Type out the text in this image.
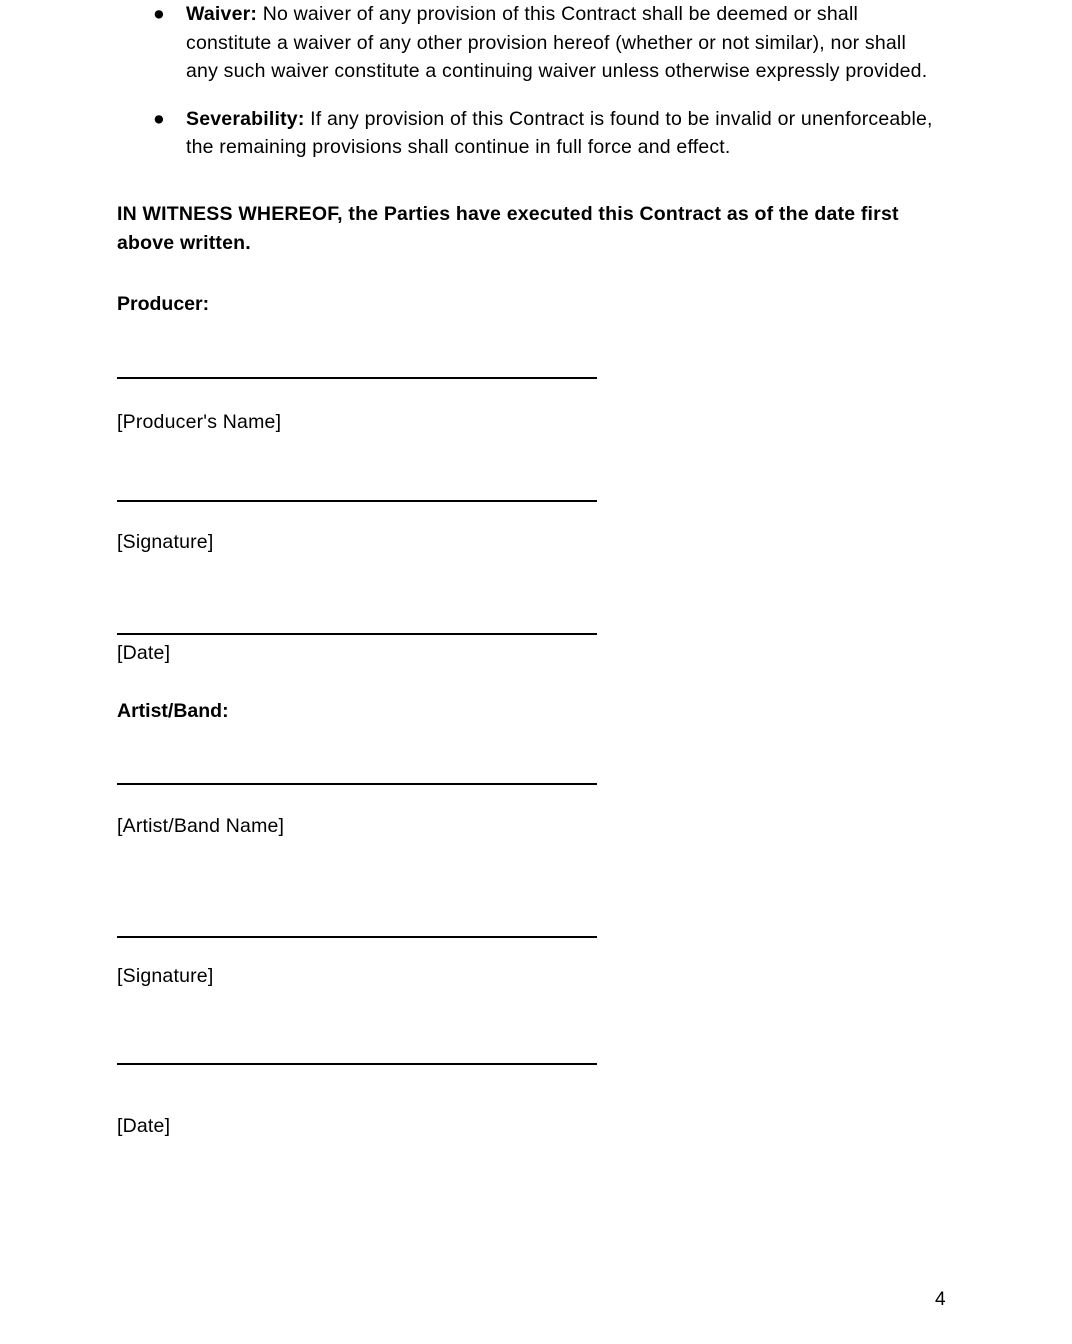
● Waiver: No waiver of any provision of this Contract shall be deemed or shall constitute a waiver of any other provision hereof (whether or not similar), nor shall any such waiver constitute a continuing waiver unless otherwise expressly provided.
● Severability: If any provision of this Contract is found to be invalid or unenforceable, the remaining provisions shall continue in full force and effect.

IN WITNESS WHEREOF, the Parties have executed this Contract as of the date first above written.

Producer:
[Producer's Name]
[Signature]
[Date]
Artist/Band:
[Artist/Band Name]
[Signature]
[Date]
4
